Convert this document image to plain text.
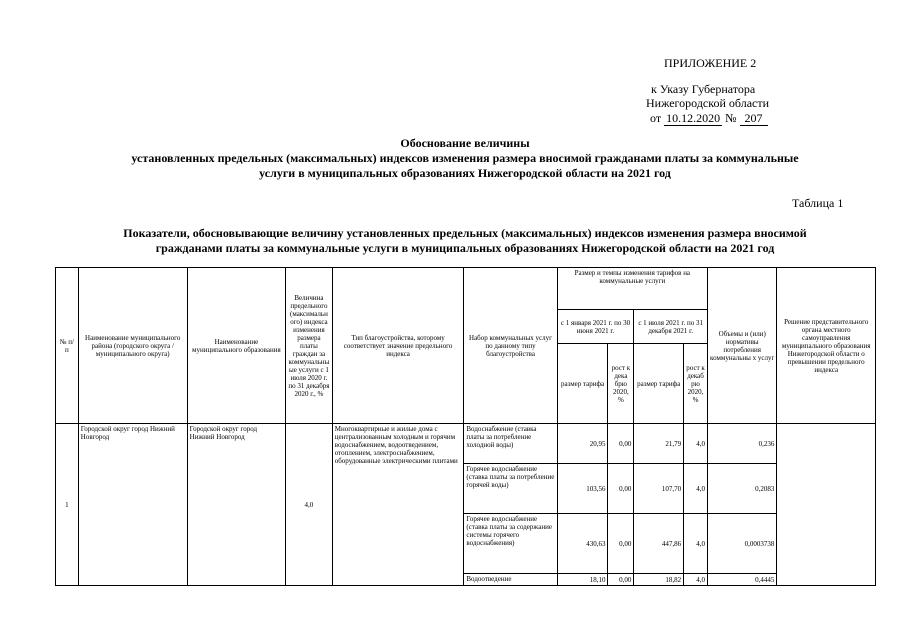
ПРИЛОЖЕНИЕ 2
к Указу Губернатора
Нижегородской области
от 10.12.2020 № 207
Обоснование величины
установленных предельных (максимальных) индексов изменения размера вносимой гражданами платы за коммунальные
услуги в муниципальных образованиях Нижегородской области на 2021 год
Таблица 1
Показатели, обосновывающие величину установленных предельных (максимальных) индексов изменения размера вносимой
гражданами платы за коммунальные услуги в муниципальных образованиях Нижегородской области на 2021 год
№ п/п	Наименование муниципального района (городского округа / муниципального округа)	Наименование муниципального образования	Величина предельного (максимальн ого) индекса изменения размера платы граждан за коммунальны ые услуги с 1 июля 2020 г. по 31 декабря 2020 г., %	Тип благоустройства, которому соответствует значение предельного индекса	Набор коммунальных услуг по данному типу благоустройства	Размер и темпы изменения тарифов на коммунальные услуги				Объемы и (или) нормативы потребления коммунальны х услуг	Решение представительного органа местного самоуправления муниципального образования Нижегородской области о превышении предельного индекса
						с 1 января 2021 г. по 30 июня 2021 г.		с 1 июля 2021 г. по 31 декабря 2021 г.			
						размер тарифа	рост к дека брю 2020, %	размер тарифа	рост к декаб рю 2020, %		
1	Городской округ город Нижний Новгород	Городской округ город Нижний Новгород	4,0	Многоквартирные и жилые дома с централизованным холодным и горячим водоснабжением, водоотведением, отоплением, электроснабжением, оборудованные электрическими плитами	Водоснабжение (ставка платы за потребление холодной воды)	20,95	0,00	21,79	4,0	0,236	
					Горячее водоснабжение (ставка платы за потребление горячей воды)	103,56	0,00	107,70	4,0	0,2083	
					Горячее водоснабжение (ставка платы за содержание системы горячего водоснабжения)	430,63	0,00	447,86	4,0	0,0003738	
					Водоотведение	18,10	0,00	18,82	4,0	0,4445	
